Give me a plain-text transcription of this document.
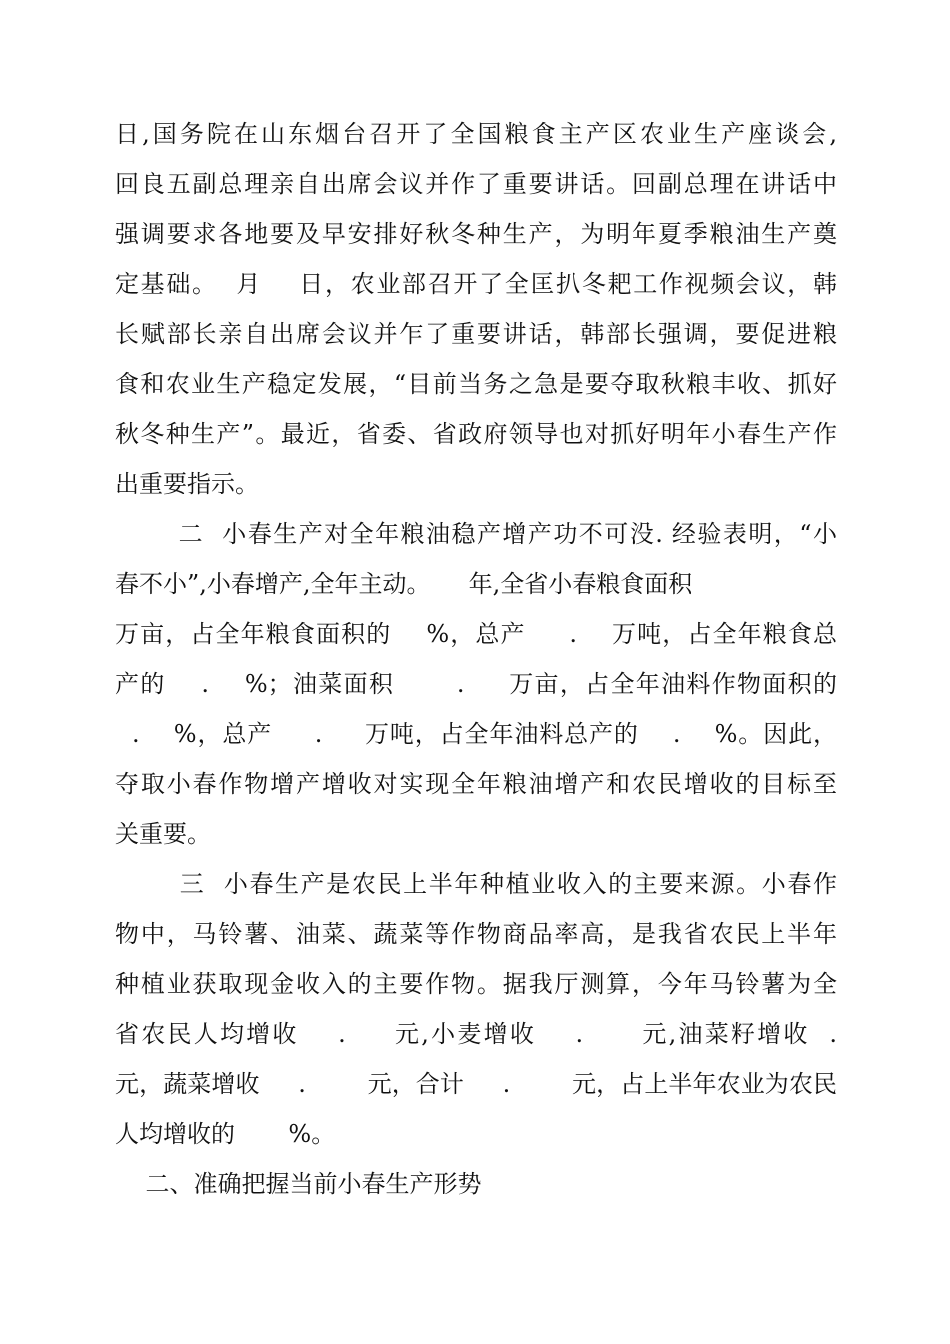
日,国务院在山东烟台召开了全国粮食主产区农业生产座谈会,
回良五副总理亲自出席会议并作了重要讲话。回副总理在讲话中
强调要求各地要及早安排好秋冬种生产，为明年夏季粮油生产奠
定基础。  月    日，农业部召开了全匡扒冬耙工作视频会议，韩
长赋部长亲自出席会议并乍了重要讲话，韩部长强调，要促进粮
食和农业生产稳定发展，“目前当务之急是要夺取秋粮丰收、抓好
秋冬种生产”。最近，省委、省政府领导也对抓好明年小春生产作
出重要指示。
二  小春生产对全年粮油稳产增产功不可没. 经验表明，“小
春不小”,小春增产,全年主动。     年,全省小春粮食面积
万亩，占全年粮食面积的    %，总产     .    万吨，占全年粮食总
产的    .    %；油菜面积       .     万亩，占全年油料作物面积的
.    %，总产     .     万吨，占全年油料总产的    .    %。因此，
夺取小春作物增产增收对实现全年粮油增产和农民增收的目标至
关重要。
三  小春生产是农民上半年种植业收入的主要来源。小春作
物中，马铃薯、油菜、蔬菜等作物商品率高，是我省农民上半年
种植业获取现金收入的主要作物。据我厅测算，今年马铃薯为全
省农民人均增收    .     元,小麦增收    .      元,油菜籽增收  .
元，蔬菜增收     .        元，合计     .        元，占上半年农业为农民
人均增收的       %。
二、准确把握当前小春生产形势
